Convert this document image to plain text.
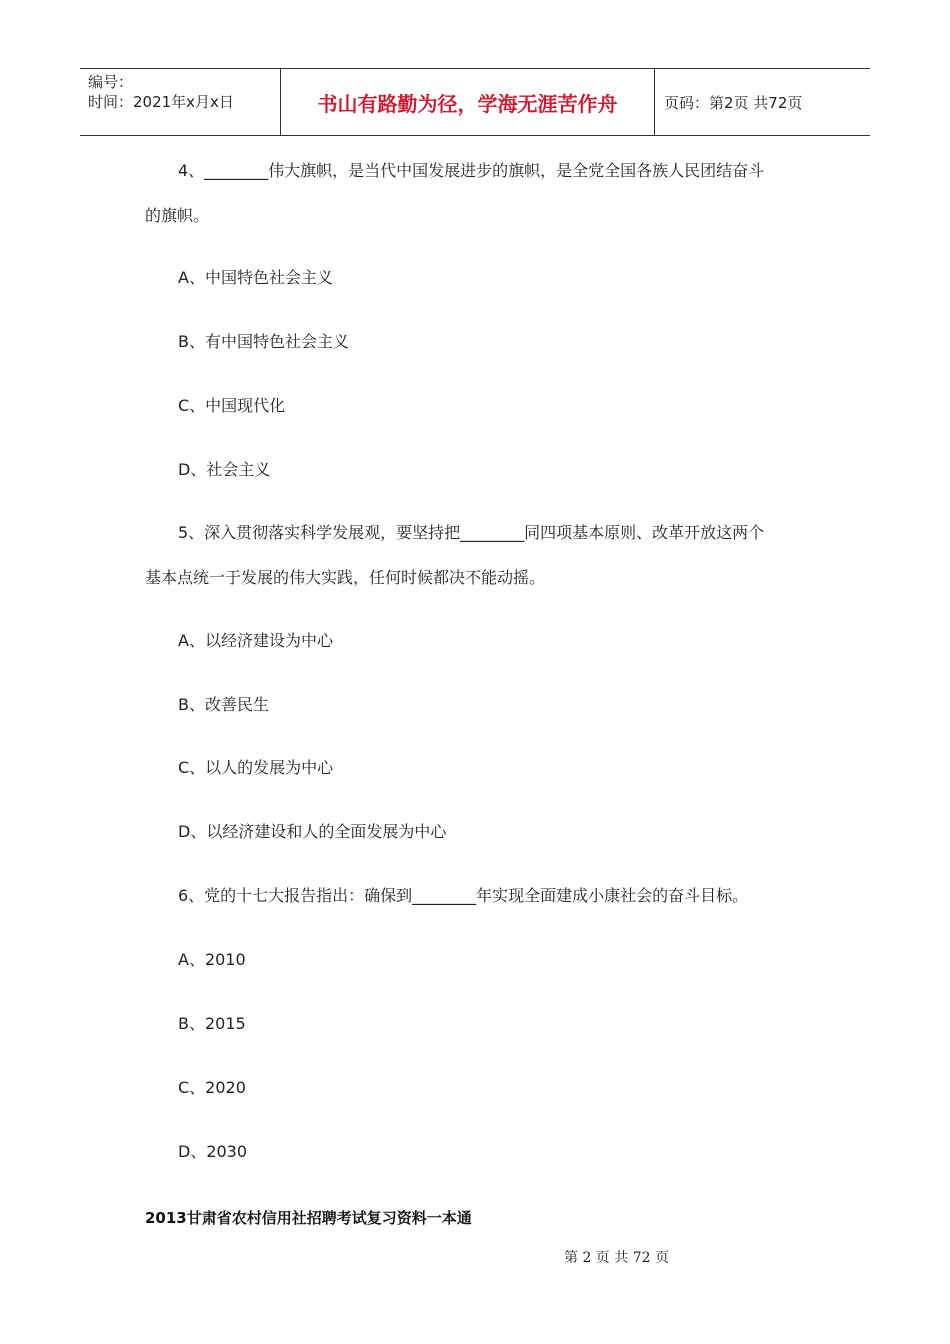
编号：
时间：2021年x月x日	书山有路勤为径，学海无涯苦作舟	页码：第2页 共72页
4、________伟大旗帜，是当代中国发展进步的旗帜，是全党全国各族人民团结奋斗
的旗帜。
A、中国特色社会主义
B、有中国特色社会主义
C、中国现代化
D、社会主义
5、深入贯彻落实科学发展观，要坚持把________同四项基本原则、改革开放这两个
基本点统一于发展的伟大实践，任何时候都决不能动摇。
A、以经济建设为中心
B、改善民生
C、以人的发展为中心
D、以经济建设和人的全面发展为中心
6、党的十七大报告指出：确保到________年实现全面建成小康社会的奋斗目标。
A、2010
B、2015
C、2020
D、2030
2013甘肃省农村信用社招聘考试复习资料一本通
第 2 页 共 72 页
